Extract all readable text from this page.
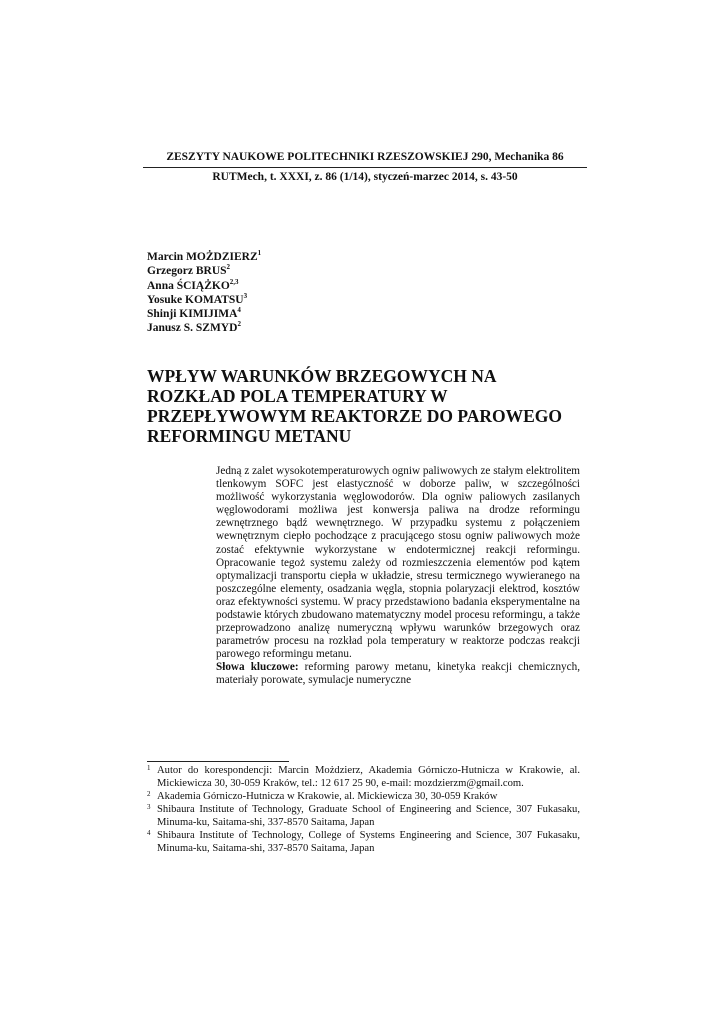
ZESZYTY NAUKOWE POLITECHNIKI RZESZOWSKIEJ 290, Mechanika 86
RUTMech, t. XXXI, z. 86 (1/14), styczeń-marzec 2014, s. 43-50
Marcin MOŻDZIERZ$^1$
Grzegorz BRUS$^2$
Anna ŚCIĄŻKO$^{2,3}$
Yosuke KOMATSU$^3$
Shinji KIMIJIMA$^4$
Janusz S. SZMYD$^2$
WPŁYW WARUNKÓW BRZEGOWYCH NA ROZKŁAD POLA TEMPERATURY W PRZEPŁYWOWYM REAKTORZE DO PAROWEGO REFORMINGU METANU
Jedną z zalet wysokotemperaturowych ogniw paliwowych ze stałym elektrolitem tlenkowym SOFC jest elastyczność w doborze paliw, w szczególności możliwość wykorzystania węglowodorów. Dla ogniw paliowych zasilanych węglowodorami możliwa jest konwersja paliwa na drodze reformingu zewnętrznego bądź wewnętrznego. W przypadku systemu z połączeniem wewnętrznym ciepło pochodzące z pracującego stosu ogniw paliwowych może zostać efektywnie wykorzystane w endotermicznej reakcji reformingu. Opracowanie tegoż systemu zależy od rozmieszczenia elementów pod kątem optymalizacji transportu ciepła w układzie, stresu termicznego wywieranego na poszczególne elementy, osadzania węgla, stopnia polaryzacji elektrod, kosztów oraz efektywności systemu. W pracy przedstawiono badania eksperymentalne na podstawie których zbudowano matematyczny model procesu reformingu, a także przeprowadzono analizę numeryczną wpływu warunków brzegowych oraz parametrów procesu na rozkład pola temperatury w reaktorze podczas reakcji parowego reformingu metanu.
Słowa kluczowe: reforming parowy metanu, kinetyka reakcji chemicznych, materiały porowate, symulacje numeryczne
1 Autor do korespondencji: Marcin Możdzierz, Akademia Górniczo-Hutnicza w Krakowie, al. Mickiewicza 30, 30-059 Kraków, tel.: 12 617 25 90, e-mail: mozdzierzm@gmail.com.
2 Akademia Górniczo-Hutnicza w Krakowie, al. Mickiewicza 30, 30-059 Kraków
3 Shibaura Institute of Technology, Graduate School of Engineering and Science, 307 Fukasaku, Minuma-ku, Saitama-shi, 337-8570 Saitama, Japan
4 Shibaura Institute of Technology, College of Systems Engineering and Science, 307 Fukasaku, Minuma-ku, Saitama-shi, 337-8570 Saitama, Japan
